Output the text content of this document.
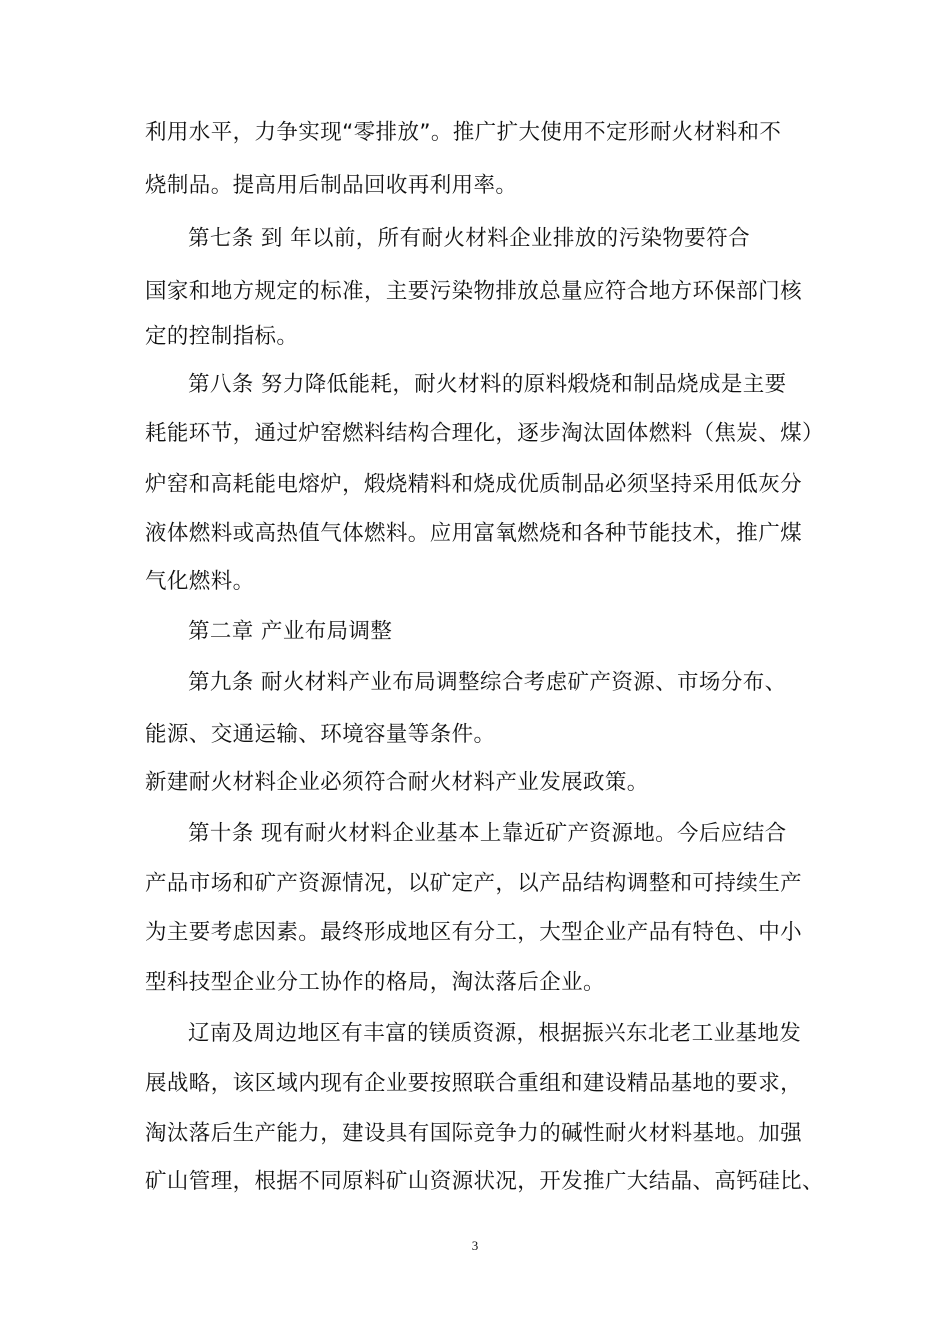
利用水平，力争实现“零排放”。推广扩大使用不定形耐火材料和不
烧制品。提高用后制品回收再利用率。
第七条 到 年以前，所有耐火材料企业排放的污染物要符合
国家和地方规定的标准，主要污染物排放总量应符合地方环保部门核
定的控制指标。
第八条 努力降低能耗，耐火材料的原料煅烧和制品烧成是主要
耗能环节，通过炉窑燃料结构合理化，逐步淘汰固体燃料（焦炭、煤）
炉窑和高耗能电熔炉，煅烧精料和烧成优质制品必须坚持采用低灰分
液体燃料或高热值气体燃料。应用富氧燃烧和各种节能技术，推广煤
气化燃料。
第二章 产业布局调整
第九条 耐火材料产业布局调整综合考虑矿产资源、市场分布、
能源、交通运输、环境容量等条件。
新建耐火材料企业必须符合耐火材料产业发展政策。
第十条 现有耐火材料企业基本上靠近矿产资源地。今后应结合
产品市场和矿产资源情况，以矿定产，以产品结构调整和可持续生产
为主要考虑因素。最终形成地区有分工，大型企业产品有特色、中小
型科技型企业分工协作的格局，淘汰落后企业。
辽南及周边地区有丰富的镁质资源，根据振兴东北老工业基地发
展战略，该区域内现有企业要按照联合重组和建设精品基地的要求，
淘汰落后生产能力，建设具有国际竞争力的碱性耐火材料基地。加强
矿山管理，根据不同原料矿山资源状况，开发推广大结晶、高钙硅比、
3
